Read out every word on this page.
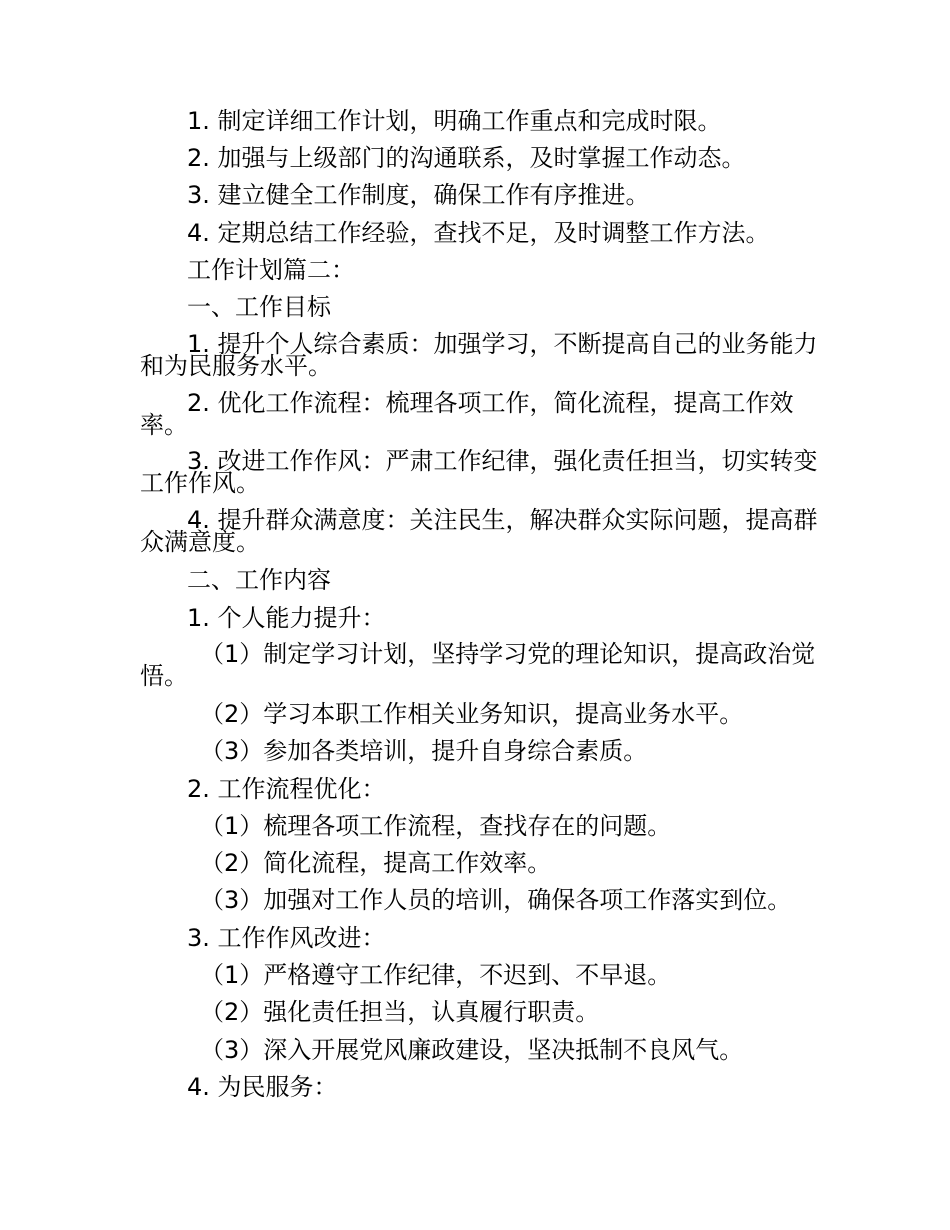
1. 制定详细工作计划，明确工作重点和完成时限。
2. 加强与上级部门的沟通联系，及时掌握工作动态。
3. 建立健全工作制度，确保工作有序推进。
4. 定期总结工作经验，查找不足，及时调整工作方法。
工作计划篇二：
一、工作目标
1. 提升个人综合素质：加强学习，不断提高自己的业务能力和为民服务水平。
2. 优化工作流程：梳理各项工作，简化流程，提高工作效率。
3. 改进工作作风：严肃工作纪律，强化责任担当，切实转变工作作风。
4. 提升群众满意度：关注民生，解决群众实际问题，提高群众满意度。
二、工作内容
1. 个人能力提升：
（1）制定学习计划，坚持学习党的理论知识，提高政治觉悟。
（2）学习本职工作相关业务知识，提高业务水平。
（3）参加各类培训，提升自身综合素质。
2. 工作流程优化：
（1）梳理各项工作流程，查找存在的问题。
（2）简化流程，提高工作效率。
（3）加强对工作人员的培训，确保各项工作落实到位。
3. 工作作风改进：
（1）严格遵守工作纪律，不迟到、不早退。
（2）强化责任担当，认真履行职责。
（3）深入开展党风廉政建设，坚决抵制不良风气。
4. 为民服务：
